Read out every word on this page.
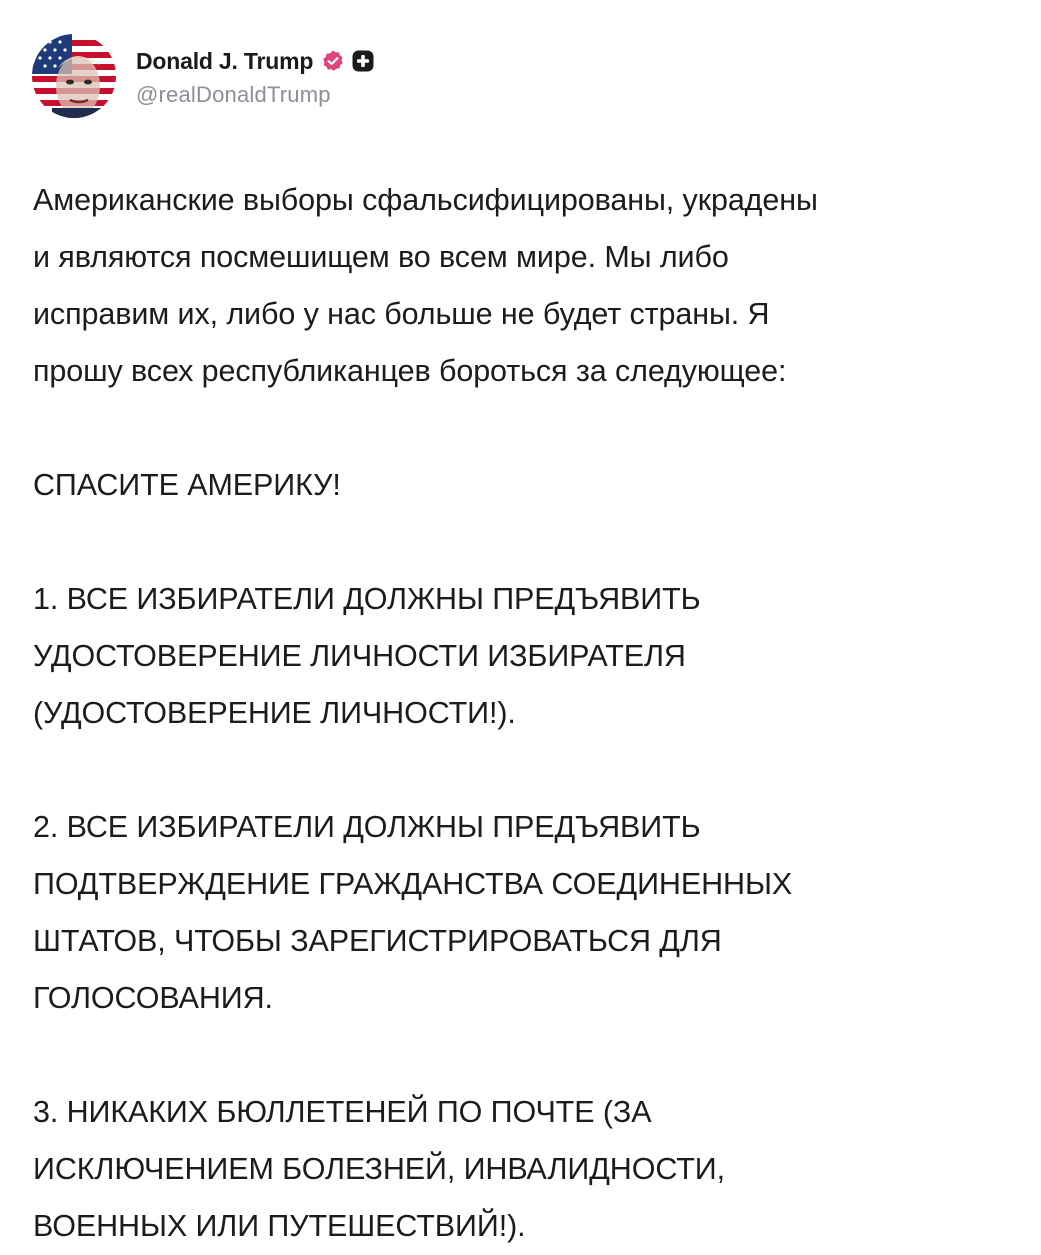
Donald J. Trump
@realDonaldTrump

Американские выборы сфальсифицированы, украдены
и являются посмешищем во всем мире. Мы либо
исправим их, либо у нас больше не будет страны. Я
прошу всех республиканцев бороться за следующее:

СПАСИТЕ АМЕРИКУ!

1. ВСЕ ИЗБИРАТЕЛИ ДОЛЖНЫ ПРЕДЪЯВИТЬ
УДОСТОВЕРЕНИЕ ЛИЧНОСТИ ИЗБИРАТЕЛЯ
(УДОСТОВЕРЕНИЕ ЛИЧНОСТИ!).

2. ВСЕ ИЗБИРАТЕЛИ ДОЛЖНЫ ПРЕДЪЯВИТЬ
ПОДТВЕРЖДЕНИЕ ГРАЖДАНСТВА СОЕДИНЕННЫХ
ШТАТОВ, ЧТОБЫ ЗАРЕГИСТРИРОВАТЬСЯ ДЛЯ
ГОЛОСОВАНИЯ.

3. НИКАКИХ БЮЛЛЕТЕНЕЙ ПО ПОЧТЕ (ЗА
ИСКЛЮЧЕНИЕМ БОЛЕЗНЕЙ, ИНВАЛИДНОСТИ,
ВОЕННЫХ ИЛИ ПУТЕШЕСТВИЙ!).
